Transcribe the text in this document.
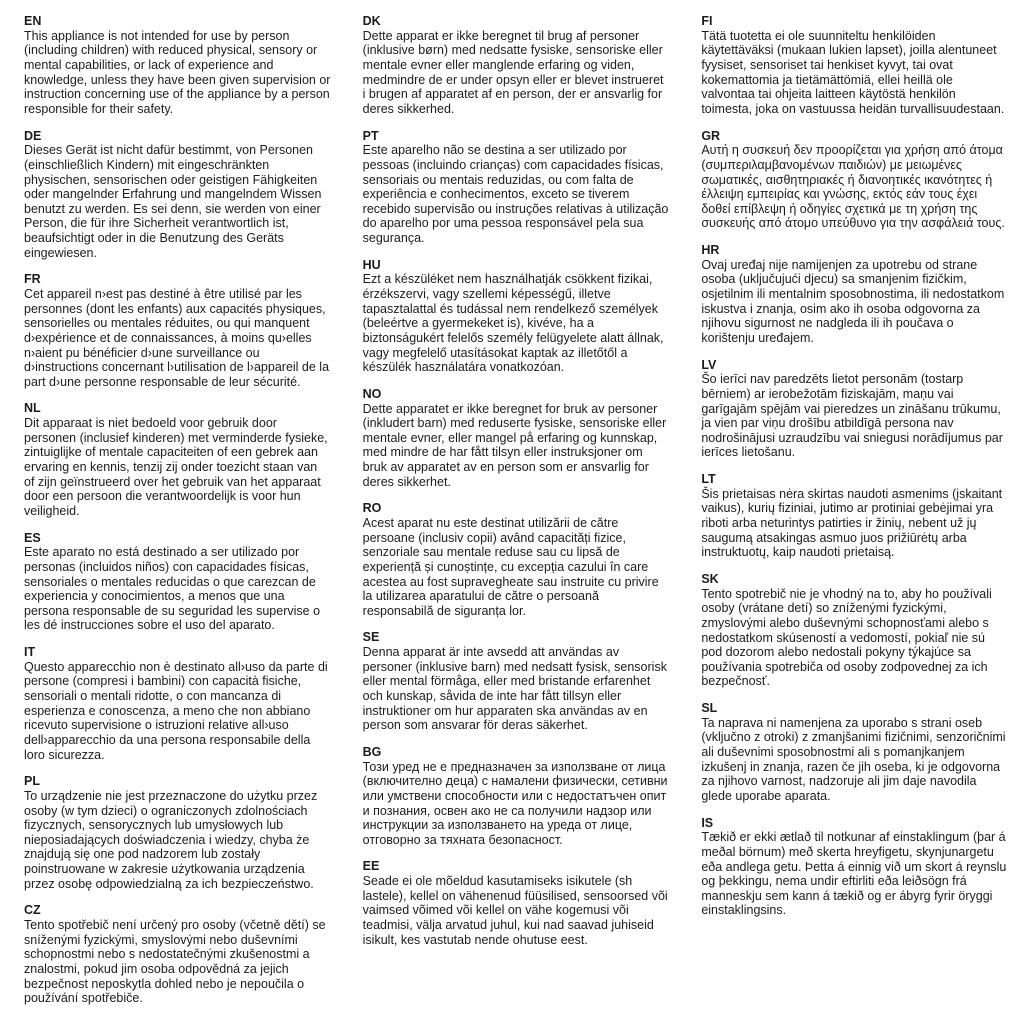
EN

This appliance is not intended for use by person (including children) with reduced physical, sensory or mental capabilities, or lack of experience and knowledge, unless they have been given supervision or instruction concerning use of the appliance by a person responsible for their safety.

DE

Dieses Gerät ist nicht dafür bestimmt, von Personen (einschließlich Kindern) mit eingeschränkten physischen, sensorischen oder geistigen Fähigkeiten oder mangelnder Erfahrung und mangelndem Wissen benutzt zu werden. Es sei denn, sie werden von einer Person, die für ihre Sicherheit verantwortlich ist, beaufsichtigt oder in die Benutzung des Geräts eingewiesen.

FR

Cet appareil n›est pas destiné à être utilisé par les personnes (dont les enfants) aux capacités physiques, sensorielles ou mentales réduites, ou qui manquent d›expérience et de connaissances, à moins qu›elles n›aient pu bénéficier d›une surveillance ou d›instructions concernant l›utilisation de l›appareil de la part d›une personne responsable de leur sécurité.

NL

Dit apparaat is niet bedoeld voor gebruik door personen (inclusief kinderen) met verminderde fysieke, zintuiglijke of mentale capaciteiten of een gebrek aan ervaring en kennis, tenzij zij onder toezicht staan van of zijn geïnstrueerd over het gebruik van het apparaat door een persoon die verantwoordelijk is voor hun veiligheid.

ES

Este aparato no está destinado a ser utilizado por personas (incluidos niños) con capacidades físicas, sensoriales o mentales reducidas o que carezcan de experiencia y conocimientos, a menos que una persona responsable de su seguridad les supervise o les dé instrucciones sobre el uso del aparato.

IT

Questo apparecchio non è destinato all›uso da parte di persone (compresi i bambini) con capacità fisiche, sensoriali o mentali ridotte, o con mancanza di esperienza e conoscenza, a meno che non abbiano ricevuto supervisione o istruzioni relative all›uso dell›apparecchio da una persona responsabile della loro sicurezza.

PL

To urządzenie nie jest przeznaczone do użytku przez osoby (w tym dzieci) o ograniczonych zdolnościach fizycznych, sensorycznych lub umysłowych lub nieposiadających doświadczenia i wiedzy, chyba że znajdują się one pod nadzorem lub zostały poinstruowane w zakresie użytkowania urządzenia przez osobę odpowiedzialną za ich bezpieczeństwo.

CZ

Tento spotřebič není určený pro osoby (včetně dětí) se sníženými fyzickými, smyslovými nebo duševními schopnostmi nebo s nedostatečnými zkušenostmi a znalostmi, pokud jim osoba odpovědná za jejich bezpečnost neposkytla dohled nebo je nepoučila o používání spotřebiče.

DK

Dette apparat er ikke beregnet til brug af personer (inklusive børn) med nedsatte fysiske, sensoriske eller mentale evner eller manglende erfaring og viden, medmindre de er under opsyn eller er blevet instrueret i brugen af apparatet af en person, der er ansvarlig for deres sikkerhed.

PT

Este aparelho não se destina a ser utilizado por pessoas (incluindo crianças) com capacidades físicas, sensoriais ou mentais reduzidas, ou com falta de experiência e conhecimentos, exceto se tiverem recebido supervisão ou instruções relativas à utilização do aparelho por uma pessoa responsável pela sua segurança.

HU

Ezt a készüléket nem használhatják csökkent fizikai, érzékszervi, vagy szellemi képességű, illetve tapasztalattal és tudással nem rendelkező személyek (beleértve a gyermekeket is), kivéve, ha a biztonságukért felelős személy felügyelete alatt állnak, vagy megfelelő utasításokat kaptak az illetőtől a készülék használatára vonatkozóan.

NO

Dette apparatet er ikke beregnet for bruk av personer (inkludert barn) med reduserte fysiske, sensoriske eller mentale evner, eller mangel på erfaring og kunnskap, med mindre de har fått tilsyn eller instruksjoner om bruk av apparatet av en person som er ansvarlig for deres sikkerhet.

RO

Acest aparat nu este destinat utilizării de către persoane (inclusiv copii) având capacități fizice, senzoriale sau mentale reduse sau cu lipsă de experiență și cunoștințe, cu excepția cazului în care acestea au fost supravegheate sau instruite cu privire la utilizarea aparatului de către o persoană responsabilă de siguranța lor.

SE

Denna apparat är inte avsedd att användas av personer (inklusive barn) med nedsatt fysisk, sensorisk eller mental förmåga, eller med bristande erfarenhet och kunskap, såvida de inte har fått tillsyn eller instruktioner om hur apparaten ska användas av en person som ansvarar för deras säkerhet.

BG

Този уред не е предназначен за използване от лица (включително деца) с намалени физически, сетивни или умствени способности или с недостатъчен опит и познания, освен ако не са получили надзор или инструкции за използването на уреда от лице, отговорно за тяхната безопасност.

EE

Seade ei ole mõeldud kasutamiseks isikutele (sh lastele), kellel on vähenenud füüsilised, sensoorsed või vaimsed võimed või kellel on vähe kogemusi või teadmisi, välja arvatud juhul, kui nad saavad juhiseid isikult, kes vastutab nende ohutuse eest.

FI

Tätä tuotetta ei ole suunniteltu henkilöiden käytettäväksi (mukaan lukien lapset), joilla alentuneet fyysiset, sensoriset tai henkiset kyvyt, tai ovat kokemattomia ja tietämättömiä, ellei heillä ole valvontaa tai ohjeita laitteen käytöstä henkilön toimesta, joka on vastuussa heidän turvallisuudestaan.

GR

Αυτή η συσκευή δεν προορίζεται για χρήση από άτομα (συμπεριλαμβανομένων παιδιών) με μειωμένες σωματικές, αισθητηριακές ή διανοητικές ικανότητες ή έλλειψη εμπειρίας και γνώσης, εκτός εάν τους έχει δοθεί επίβλεψη ή οδηγίες σχετικά με τη χρήση της συσκευής από άτομο υπεύθυνο για την ασφάλειά τους.

HR

Ovaj uređaj nije namijenjen za upotrebu od strane osoba (uključujući djecu) sa smanjenim fizičkim, osjetilnim ili mentalnim sposobnostima, ili nedostatkom iskustva i znanja, osim ako ih osoba odgovorna za njihovu sigurnost ne nadgleda ili ih poučava o korištenju uređajem.

LV

Šo ierīci nav paredzēts lietot personām (tostarp bērniem) ar ierobežotām fiziskajām, maņu vai garīgajām spējām vai pieredzes un zināšanu trūkumu, ja vien par viņu drošību atbildīgā persona nav nodrošinājusi uzraudzību vai sniegusi norādījumus par ierīces lietošanu.

LT

Šis prietaisas nėra skirtas naudoti asmenims (įskaitant vaikus), kurių fiziniai, jutimo ar protiniai gebėjimai yra riboti arba neturintys patirties ir žinių, nebent už jų saugumą atsakingas asmuo juos prižiūrėtų arba instruktuotų, kaip naudoti prietaisą.

SK

Tento spotrebič nie je vhodný na to, aby ho používali osoby (vrátane detí) so zníženými fyzickými, zmyslovými alebo duševnými schopnosťami alebo s nedostatkom skúseností a vedomostí, pokiaľ nie sú pod dozorom alebo nedostali pokyny týkajúce sa používania spotrebiča od osoby zodpovednej za ich bezpečnosť.

SL

Ta naprava ni namenjena za uporabo s strani oseb (vključno z otroki) z zmanjšanimi fizičnimi, senzoričnimi ali duševnimi sposobnostmi ali s pomanjkanjem izkušenj in znanja, razen če jih oseba, ki je odgovorna za njihovo varnost, nadzoruje ali jim daje navodila glede uporabe aparata.

IS

Tækið er ekki ætlað til notkunar af einstaklingum (þar á meðal börnum) með skerta hreyfigetu, skynjunargetu eða andlega getu. Þetta á einnig við um skort á reynslu og þekkingu, nema undir eftirliti eða leiðsögn frá manneskju sem kann á tækið og er ábyrg fyrir öryggi einstaklingsins.
